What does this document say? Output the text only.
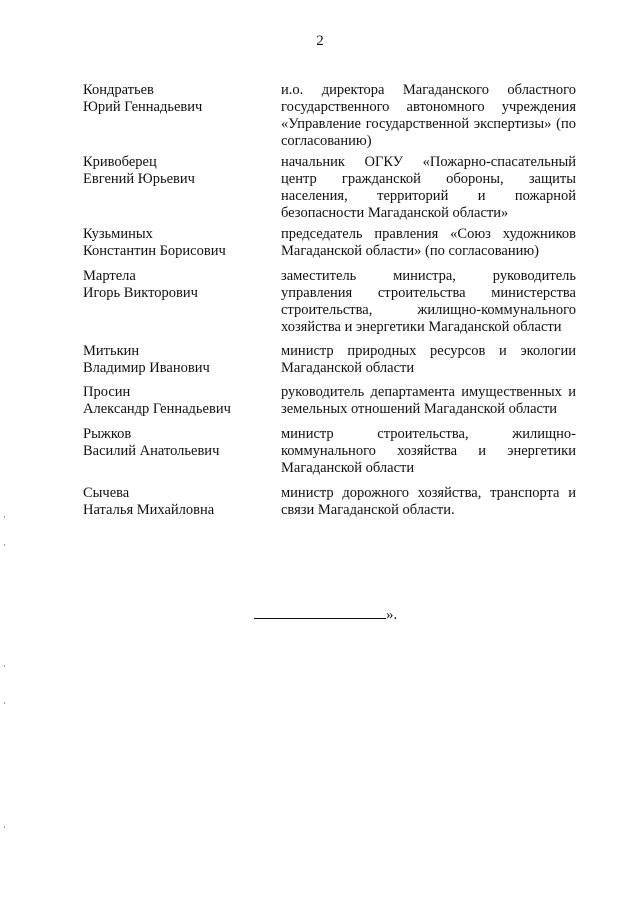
2
Кондратьев
Юрий Геннадьевич
и.о. директора Магаданского областного государственного автономного учреждения «Управление государственной экспертизы» (по согласованию)
Кривоберец
Евгений Юрьевич
начальник ОГКУ «Пожарно-спасательный центр гражданской обороны, защиты населения, территорий и пожарной безопасности Магаданской области»
Кузьминых
Константин Борисович
председатель правления «Союз художников Магаданской области» (по согласованию)
Мартела
Игорь Викторович
заместитель министра, руководитель управления строительства министерства строительства, жилищно-коммунального хозяйства и энергетики Магаданской области
Митькин
Владимир Иванович
министр природных ресурсов и экологии Магаданской области
Просин
Александр Геннадьевич
руководитель департамента имущественных и земельных отношений Магаданской области
Рыжков
Василий Анатольевич
министр строительства, жилищно-коммунального хозяйства и энергетики Магаданской области
Сычева
Наталья Михайловна
министр дорожного хозяйства, транспорта и связи Магаданской области.
».
